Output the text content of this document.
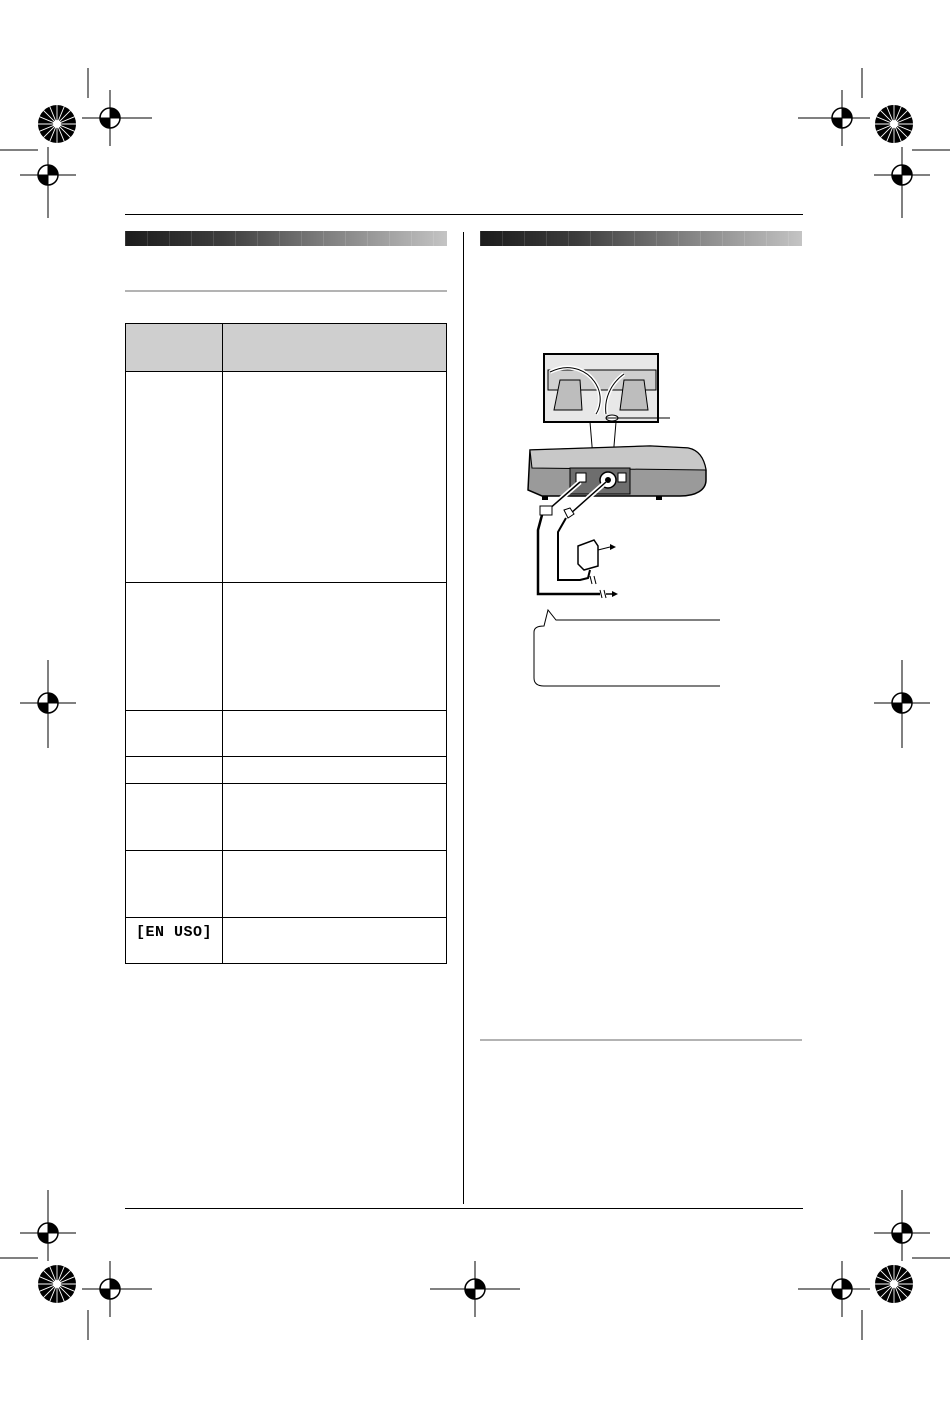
[EN USO]
